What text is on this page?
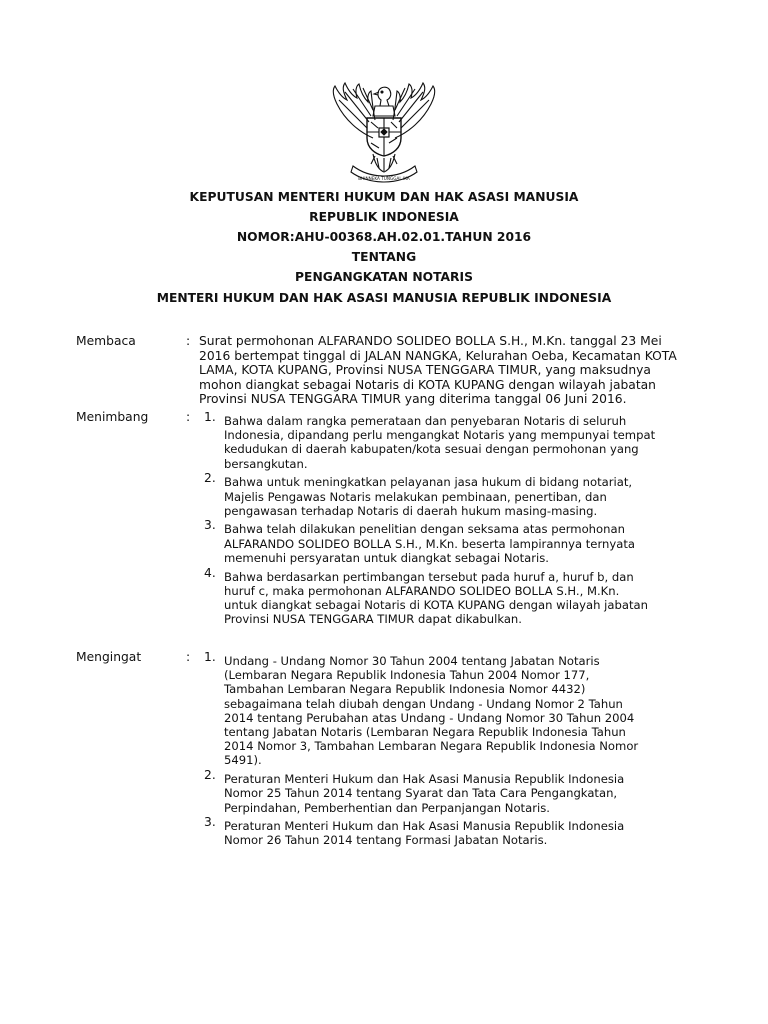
BHINNEKA TUNGGAL IKA
KEPUTUSAN MENTERI HUKUM DAN HAK ASASI MANUSIA
REPUBLIK INDONESIA
NOMOR:AHU-00368.AH.02.01.TAHUN 2016
TENTANG
PENGANGKATAN NOTARIS
MENTERI HUKUM DAN HAK ASASI MANUSIA REPUBLIK INDONESIA
Membaca	: Surat permohonan ALFARANDO SOLIDEO BOLLA S.H., M.Kn. tanggal 23 Mei
2016 bertempat tinggal di JALAN NANGKA, Kelurahan Oeba, Kecamatan KOTA
LAMA, KOTA KUPANG, Provinsi NUSA TENGGARA TIMUR, yang maksudnya
mohon diangkat sebagai Notaris di KOTA KUPANG dengan wilayah jabatan
Provinsi NUSA TENGGARA TIMUR yang diterima tanggal 06 Juni 2016.
Menimbang	: 1. Bahwa dalam rangka pemerataan dan penyebaran Notaris di seluruh
Indonesia, dipandang perlu mengangkat Notaris yang mempunyai tempat
kedudukan di daerah kabupaten/kota sesuai dengan permohonan yang
bersangkutan.
2. Bahwa untuk meningkatkan pelayanan jasa hukum di bidang notariat,
Majelis Pengawas Notaris melakukan pembinaan, penertiban, dan
pengawasan terhadap Notaris di daerah hukum masing-masing.
3. Bahwa telah dilakukan penelitian dengan seksama atas permohonan
ALFARANDO SOLIDEO BOLLA S.H., M.Kn. beserta lampirannya ternyata
memenuhi persyaratan untuk diangkat sebagai Notaris.
4. Bahwa berdasarkan pertimbangan tersebut pada huruf a, huruf b, dan
huruf c, maka permohonan ALFARANDO SOLIDEO BOLLA S.H., M.Kn.
untuk diangkat sebagai Notaris di KOTA KUPANG dengan wilayah jabatan
Provinsi NUSA TENGGARA TIMUR dapat dikabulkan.
Mengingat	: 1. Undang - Undang Nomor 30 Tahun 2004 tentang Jabatan Notaris
(Lembaran Negara Republik Indonesia Tahun 2004 Nomor 177,
Tambahan Lembaran Negara Republik Indonesia Nomor 4432)
sebagaimana telah diubah dengan Undang - Undang Nomor 2 Tahun
2014 tentang Perubahan atas Undang - Undang Nomor 30 Tahun 2004
tentang Jabatan Notaris (Lembaran Negara Republik Indonesia Tahun
2014 Nomor 3, Tambahan Lembaran Negara Republik Indonesia Nomor
5491).
2. Peraturan Menteri Hukum dan Hak Asasi Manusia Republik Indonesia
Nomor 25 Tahun 2014 tentang Syarat dan Tata Cara Pengangkatan,
Perpindahan, Pemberhentian dan Perpanjangan Notaris.
3. Peraturan Menteri Hukum dan Hak Asasi Manusia Republik Indonesia
Nomor 26 Tahun 2014 tentang Formasi Jabatan Notaris.
